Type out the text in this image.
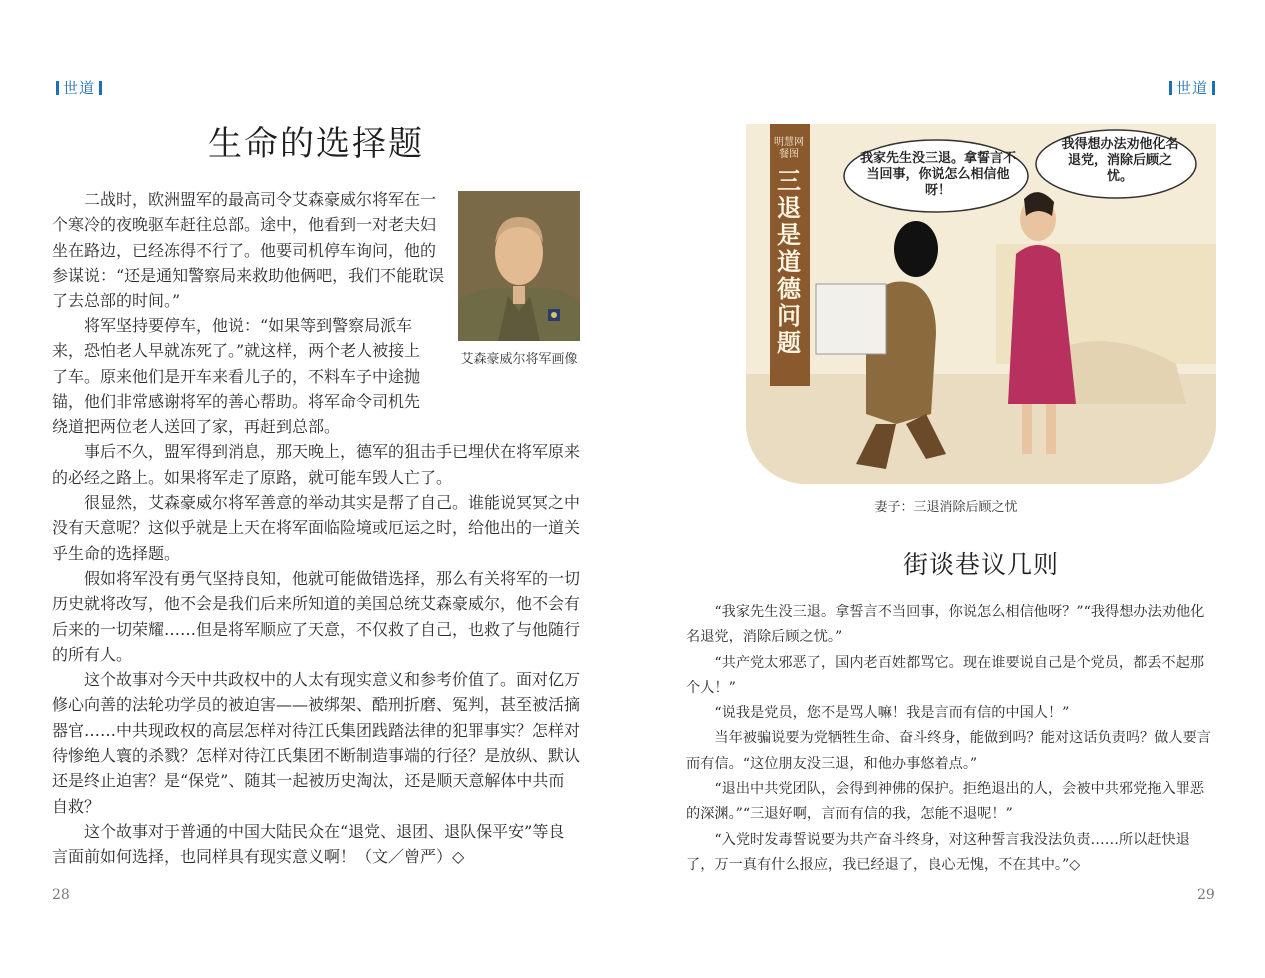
世道
生命的选择题
艾森豪威尔将军画像

二战时，欧洲盟军的最高司令艾森豪威尔将军在一个寒冷的夜晚驱车赶往总部。途中，他看到一对老夫妇坐在路边，已经冻得不行了。他要司机停车询问，他的参谋说：“还是通知警察局来救助他俩吧，我们不能耽误了去总部的时间。”

将军坚持要停车，他说：“如果等到警察局派车来，恐怕老人早就冻死了。”就这样，两个老人被接上了车。原来他们是开车来看儿子的，不料车子中途抛锚，他们非常感谢将军的善心帮助。将军命令司机先绕道把两位老人送回了家，再赶到总部。

事后不久，盟军得到消息，那天晚上，德军的狙击手已埋伏在将军原来的必经之路上。如果将军走了原路，就可能车毁人亡了。

很显然，艾森豪威尔将军善意的举动其实是帮了自己。谁能说冥冥之中没有天意呢？这似乎就是上天在将军面临险境或厄运之时，给他出的一道关乎生命的选择题。

假如将军没有勇气坚持良知，他就可能做错选择，那么有关将军的一切历史就将改写，他不会是我们后来所知道的美国总统艾森豪威尔，他不会有后来的一切荣耀……但是将军顺应了天意，不仅救了自己，也救了与他随行的所有人。

这个故事对今天中共政权中的人太有现实意义和参考价值了。面对亿万修心向善的法轮功学员的被迫害——被绑架、酷刑折磨、冤判，甚至被活摘器官……中共现政权的高层怎样对待江氏集团践踏法律的犯罪事实？怎样对待惨绝人寰的杀戮？怎样对待江氏集团不断制造事端的行径？是放纵、默认还是终止迫害？是“保党”、随其一起被历史淘汰，还是顺天意解体中共而自救？

这个故事对于普通的中国大陆民众在“退党、退团、退队保平安”等良言面前如何选择，也同样具有现实意义啊！（文／曾严）◇

28
世道
明慧网 餐图
三退是道德问题
我家先生没三退。拿誓言不当回事，你说怎么相信他呀！
我得想办法劝他化名退党，消除后顾之忧。
妻子：三退消除后顾之忧
街谈巷议几则

“我家先生没三退。拿誓言不当回事，你说怎么相信他呀？”“我得想办法劝他化名退党，消除后顾之忧。”

“共产党太邪恶了，国内老百姓都骂它。现在谁要说自己是个党员，都丢不起那个人！”

“说我是党员，您不是骂人嘛！我是言而有信的中国人！”

当年被骗说要为党牺牲生命、奋斗终身，能做到吗？能对这话负责吗？做人要言而有信。“这位朋友没三退，和他办事悠着点。”

“退出中共党团队，会得到神佛的保护。拒绝退出的人，会被中共邪党拖入罪恶的深渊。”“三退好啊，言而有信的我，怎能不退呢！”

“入党时发毒誓说要为共产奋斗终身，对这种誓言我没法负责……所以赶快退了，万一真有什么报应，我已经退了，良心无愧，不在其中。”◇

29
